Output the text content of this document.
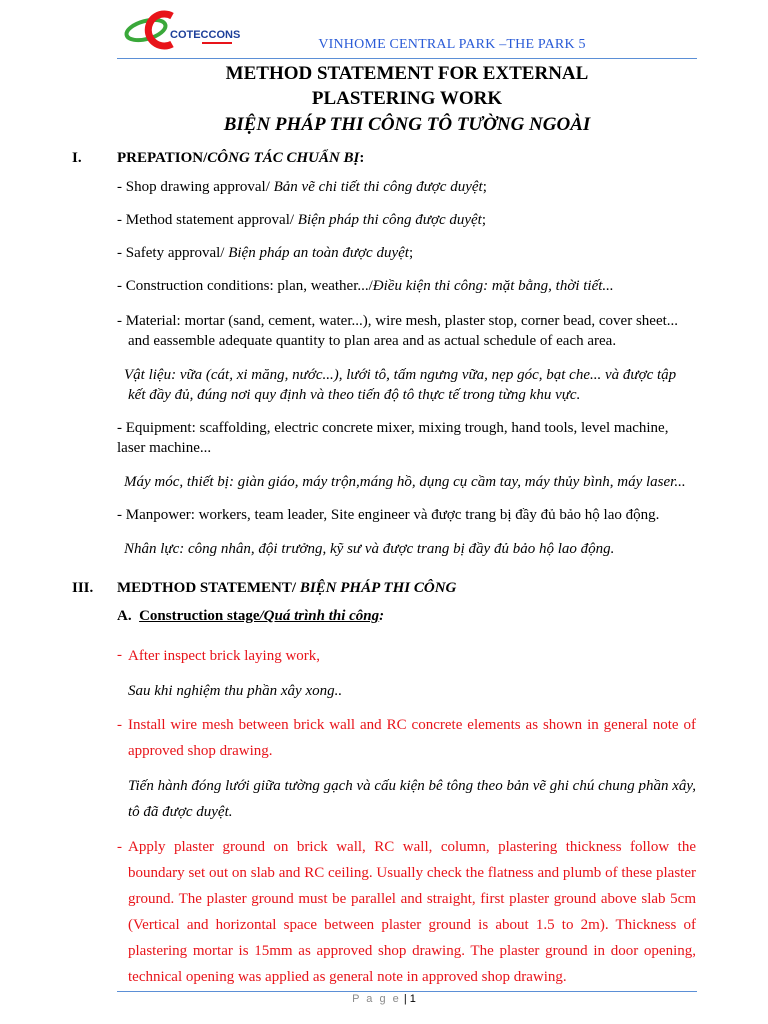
COTECCONS
VINHOME CENTRAL PARK –THE PARK 5
METHOD STATEMENT FOR EXTERNAL
PLASTERING WORK
BIỆN PHÁP THI CÔNG TÔ TƯỜNG NGOÀI
I. PREPATION/CÔNG TÁC CHUẨN BỊ:
- Shop drawing approval/ Bản vẽ chi tiết thi công được duyệt;
- Method statement approval/ Biện pháp thi công được duyệt;
- Safety approval/ Biện pháp an toàn được duyệt;
- Construction conditions: plan, weather.../Điều kiện thi công: mặt bằng, thời tiết...
- Material: mortar (sand, cement, water...), wire mesh, plaster stop, corner bead, cover sheet...
and eassemble adequate quantity to plan area and as actual schedule of each area.
Vật liệu: vữa (cát, xi măng, nước...), lưới tô, tấm ngưng vữa, nẹp góc, bạt che... và được tập
kết đầy đủ, đúng nơi quy định và theo tiến độ tô thực tế trong từng khu vực.
- Equipment: scaffolding, electric concrete mixer, mixing trough, hand tools, level machine,
laser machine...
Máy móc, thiết bị: giàn giáo, máy trộn,máng hồ, dụng cụ cầm tay, máy thủy bình, máy laser...
- Manpower: workers, team leader, Site engineer và được trang bị đầy đủ bảo hộ lao động.
Nhân lực: công nhân, đội trưởng, kỹ sư và được trang bị đầy đủ bảo hộ lao động.
III. MEDTHOD STATEMENT/ BIỆN PHÁP THI CÔNG
A. Construction stage/Quá trình thi công:
- After inspect brick laying work,
Sau khi nghiệm thu phần xây xong..
- Install wire mesh between brick wall and RC concrete elements as shown in general note of approved shop drawing.
Tiến hành đóng lưới giữa tường gạch và cấu kiện bê tông theo bản vẽ ghi chú chung phần xây, tô đã được duyệt.
- Apply plaster ground on brick wall, RC wall, column, plastering thickness follow the boundary set out on slab and RC ceiling. Usually check the flatness and plumb of these plaster ground. The plaster ground must be parallel and straight, first plaster ground above slab 5cm (Vertical and horizontal space between plaster ground is about 1.5 to 2m). Thickness of plastering mortar is 15mm as approved shop drawing. The plaster ground in door opening, technical opening was applied as general note in approved shop drawing.
P a g e | 1
